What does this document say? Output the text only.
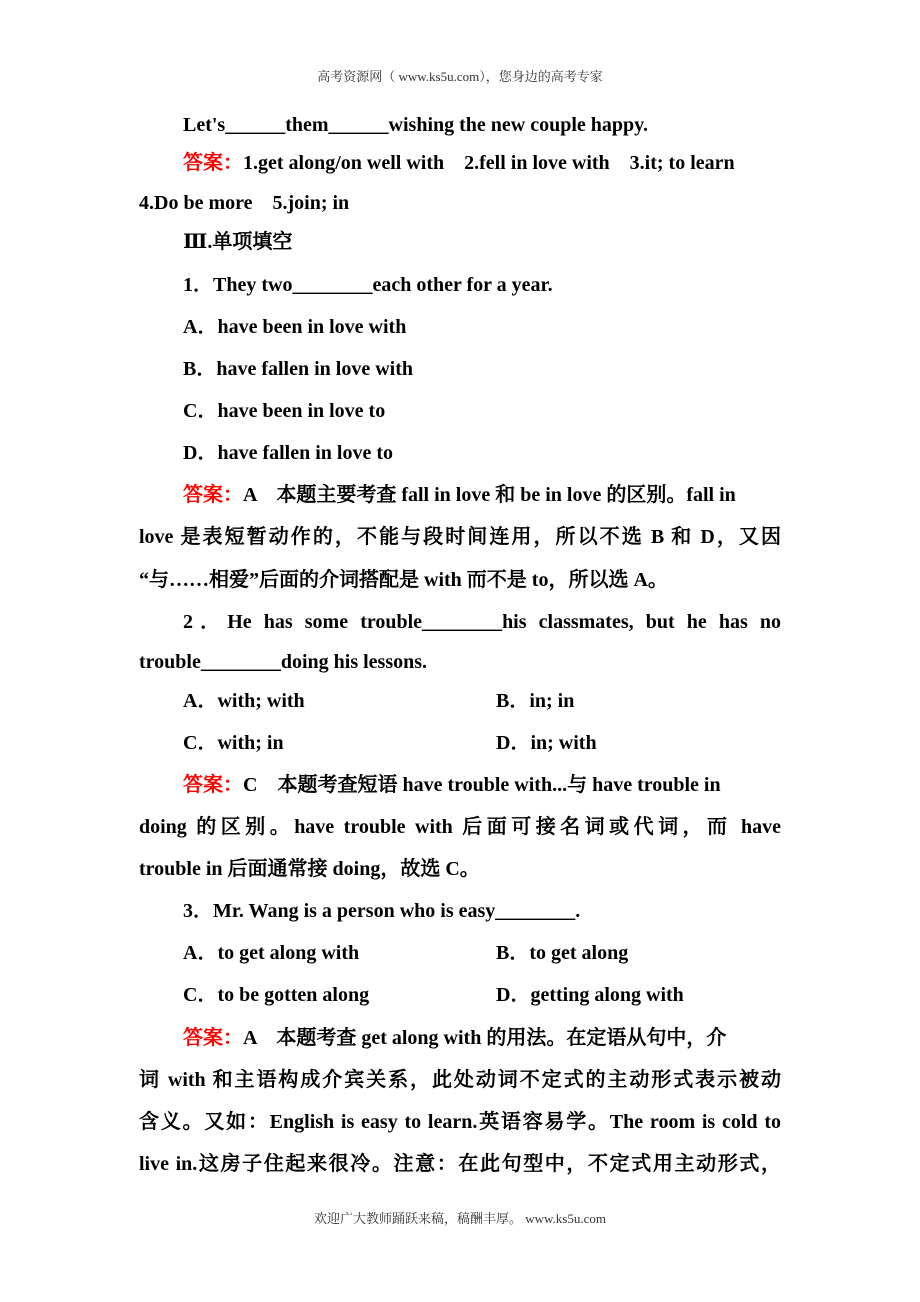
高考资源网（ www.ks5u.com），您身边的高考专家
Let's______them______wishing the new couple happy.
答案：1.get along/on well with　2.fell in love with　3.it; to learn
4.Do be more　5.join; in
Ⅲ.单项填空
1．They two________each other for a year.
A．have been in love with
B．have fallen in love with
C．have been in love to
D．have fallen in love to
答案：A　本题主要考查 fall in love 和 be in love 的区别。fall in
love 是表短暂动作的，不能与段时间连用，所以不选 B 和 D，又因
“与……相爱”后面的介词搭配是 with 而不是 to，所以选 A。
2．He has some trouble________his classmates, but he has no
trouble________doing his lessons.
A．with; with	B．in; in
C．with; in	D．in; with
答案：C　本题考查短语 have trouble with...与 have trouble in
doing 的区别。have trouble with 后面可接名词或代词，而 have
trouble in 后面通常接 doing，故选 C。
3．Mr. Wang is a person who is easy________.
A．to get along with	B．to get along
C．to be gotten along	D．getting along with
答案：A　本题考查 get along with 的用法。在定语从句中，介
词 with 和主语构成介宾关系，此处动词不定式的主动形式表示被动
含义。又如：English is easy to learn.英语容易学。The room is cold to
live in.这房子住起来很冷。注意：在此句型中，不定式用主动形式，
欢迎广大教师踊跃来稿，稿酬丰厚。 www.ks5u.com
